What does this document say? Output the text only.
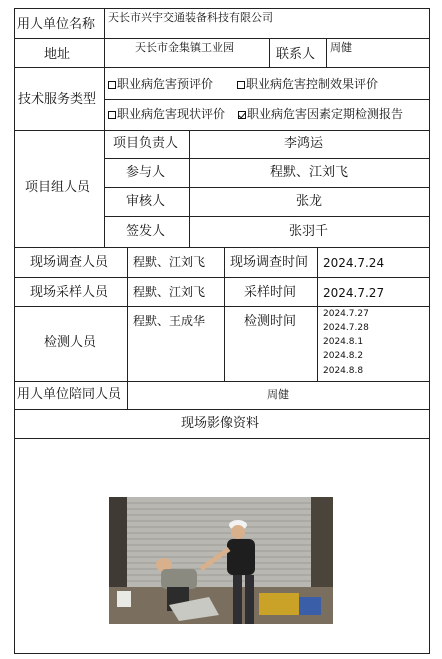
用人单位名称 天长市兴宇交通装备科技有限公司
地址	天长市金集镇工业园	联系人 周健
技术服务类型
职业病危害预评价	职业病危害控制效果评价
职业病危害现状评价	职业病危害因素定期检测报告
项目组人员
项目负责人	李鸿运
参与人	程默、江刘飞
审核人	张龙
签发人	张羽千
现场调查人员 程默、江刘飞 现场调查时间 2024.7.24
现场采样人员 程默、江刘飞	采样时间 2024.7.27
检测人员
程默、王成华	检测时间	2024.7.27
2024.7.28
2024.8.1
2024.8.2
2024.8.8
用人单位陪同人员	周健
现场影像资料
